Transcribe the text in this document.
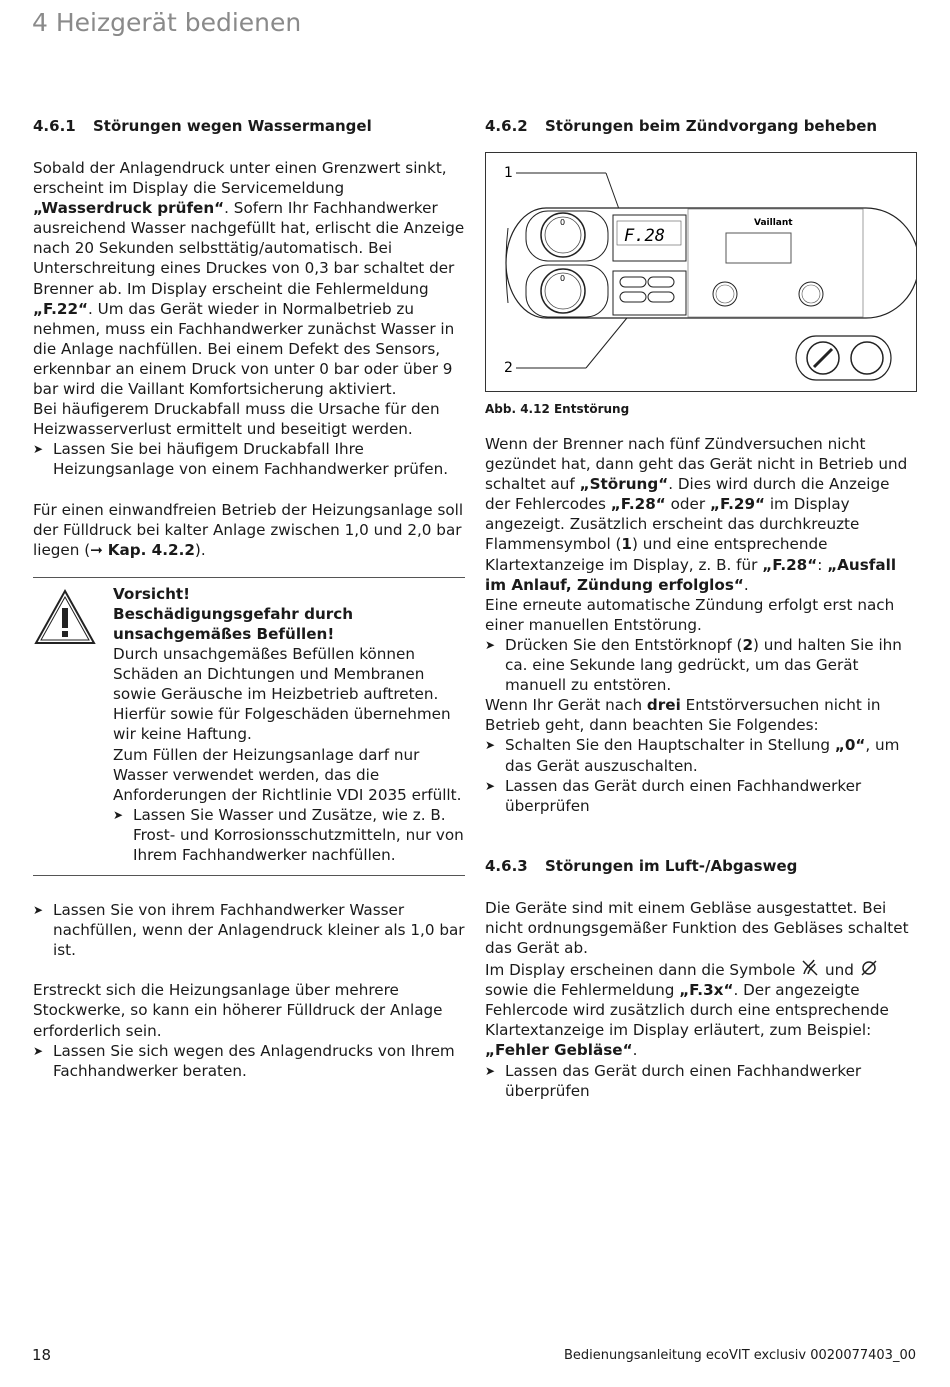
4 Heizgerät bedienen
4.6.1 Störungen wegen Wassermangel

Sobald der Anlagendruck unter einen Grenzwert sinkt, erscheint im Display die Servicemeldung „Wasserdruck prüfen“. Sofern Ihr Fachhandwerker ausreichend Wasser nachgefüllt hat, erlischt die Anzeige nach 20 Sekunden selbsttätig/automatisch. Bei Unterschreitung eines Druckes von 0,3 bar schaltet der Brenner ab. Im Display erscheint die Fehlermeldung „F.22“. Um das Gerät wieder in Normalbetrieb zu nehmen, muss ein Fachhandwerker zunächst Wasser in die Anlage nachfüllen. Bei einem Defekt des Sensors, erkennbar an einem Druck von unter 0 bar oder über 9 bar wird die Vaillant Komfortsicherung aktiviert.

Bei häufigerem Druckabfall muss die Ursache für den Heizwasserverlust ermittelt und beseitigt werden.

➤ Lassen Sie bei häufigem Druckabfall Ihre Heizungsanlage von einem Fachhandwerker prüfen.

Für einen einwandfreien Betrieb der Heizungsanlage soll der Fülldruck bei kalter Anlage zwischen 1,0 und 2,0 bar liegen (➞ Kap. 4.2.2).

Vorsicht!

Beschädigungsgefahr durch unsachgemäßes Befüllen!

Durch unsachgemäßes Befüllen können Schäden an Dichtungen und Membranen sowie Geräusche im Heizbetrieb auftreten. Hierfür sowie für Folgeschäden übernehmen wir keine Haftung.

Zum Füllen der Heizungsanlage darf nur Wasser verwendet werden, das die Anforderungen der Richtlinie VDI 2035 erfüllt.

➤ Lassen Sie Wasser und Zusätze, wie z. B. Frost- und Korrosionsschutzmitteln, nur von Ihrem Fachhandwerker nachfüllen.
➤ Lassen Sie von ihrem Fachhandwerker Wasser nachfüllen, wenn der Anlagendruck kleiner als 1,0 bar ist.

Erstreckt sich die Heizungsanlage über mehrere Stockwerke, so kann ein höherer Fülldruck der Anlage erforderlich sein.

➤ Lassen Sie sich wegen des Anlagendrucks von Ihrem Fachhandwerker beraten.
4.6.2 Störungen beim Zündvorgang beheben
1
2
0
0
F.28
Vaillant
Abb. 4.12 Entstörung

Wenn der Brenner nach fünf Zündversuchen nicht gezündet hat, dann geht das Gerät nicht in Betrieb und schaltet auf „Störung“. Dies wird durch die Anzeige der Fehlercodes „F.28“ oder „F.29“ im Display angezeigt. Zusätzlich erscheint das durchkreuzte Flammensymbol (1) und eine entsprechende Klartextanzeige im Display, z. B. für „F.28“: „Ausfall im Anlauf, Zündung erfolglos“.

Eine erneute automatische Zündung erfolgt erst nach einer manuellen Entstörung.

➤ Drücken Sie den Entstörknopf (2) und halten Sie ihn ca. eine Sekunde lang gedrückt, um das Gerät manuell zu entstören.

Wenn Ihr Gerät nach drei Entstörversuchen nicht in Betrieb geht, dann beachten Sie Folgendes:

➤ Schalten Sie den Hauptschalter in Stellung „0“, um das Gerät auszuschalten.
➤ Lassen das Gerät durch einen Fachhandwerker überprüfen
4.6.3 Störungen im Luft-/Abgasweg

Die Geräte sind mit einem Gebläse ausgestattet. Bei nicht ordnungsgemäßer Funktion des Gebläses schaltet das Gerät ab.

Im Display erscheinen dann die Symbole  und  sowie die Fehlermeldung „F.3x“. Der angezeigte Fehlercode wird zusätzlich durch eine entsprechende Klartextanzeige im Display erläutert, zum Beispiel: „Fehler Gebläse“.

➤ Lassen das Gerät durch einen Fachhandwerker überprüfen
18	Bedienungsanleitung ecoVIT exclusiv 0020077403_00
